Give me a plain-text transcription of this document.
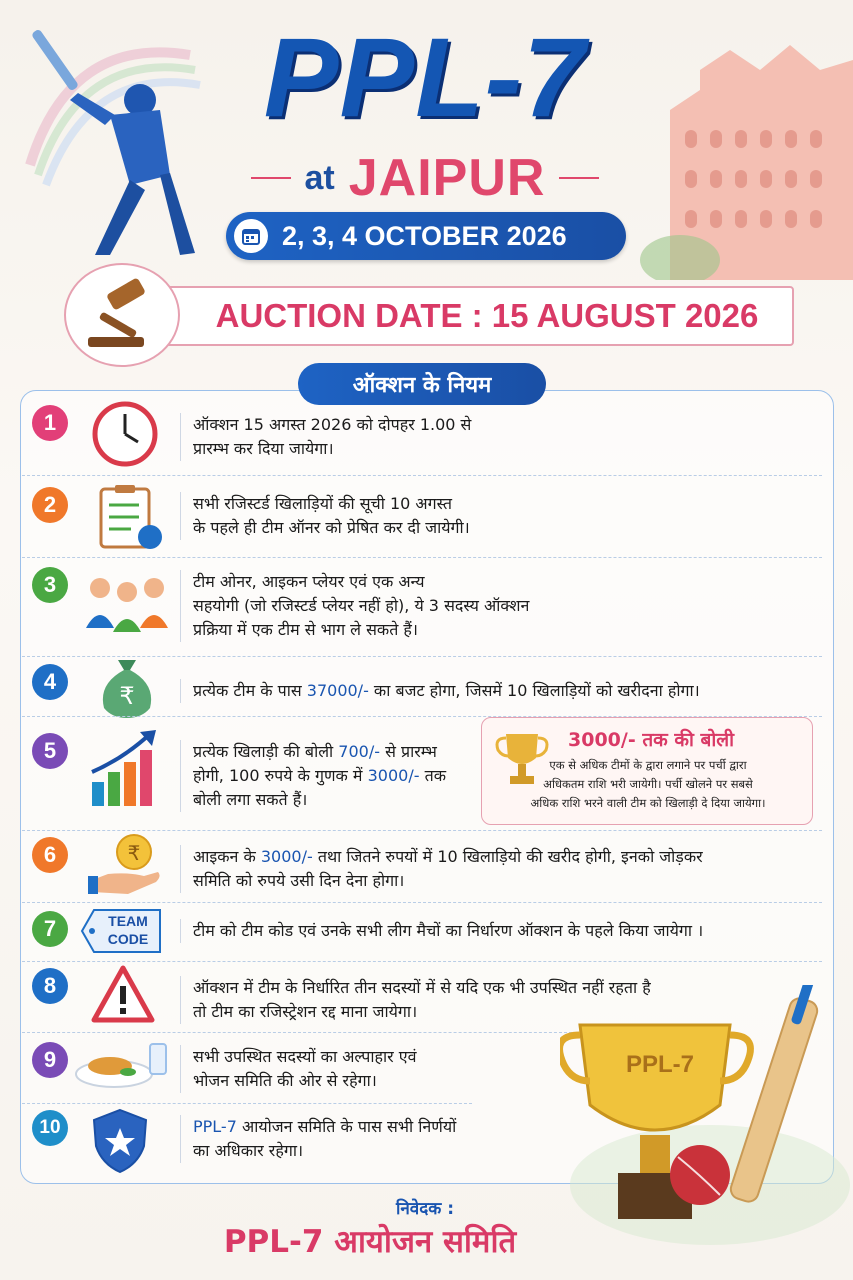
PPL-7
at JAIPUR
2, 3, 4 OCTOBER 2026
AUCTION DATE : 15 AUGUST 2026
ऑक्शन के नियम
1	ऑक्शन 15 अगस्त 2026 को दोपहर 1.00 से
प्रारम्भ कर दिया जायेगा।
2	सभी रजिस्टर्ड खिलाड़ियों की सूची 10 अगस्त
के पहले ही टीम ऑनर को प्रेषित कर दी जायेगी।
3	टीम ओनर, आइकन प्लेयर एवं एक अन्य
सहयोगी (जो रजिस्टर्ड प्लेयर नहीं हो), ये 3 सदस्य ऑक्शन
प्रक्रिया में एक टीम से भाग ले सकते हैं।
4
₹	प्रत्येक टीम के पास 37000/- का बजट होगा, जिसमें 10 खिलाड़ियों को खरीदना होगा।
5	प्रत्येक खिलाड़ी की बोली 700/- से प्रारम्भ
होगी, 100 रुपये के गुणक में 3000/- तक
बोली लगा सकते हैं।
3000/- तक की बोली
एक से अधिक टीमों के द्वारा लगाने पर पर्ची द्वारा
अधिकतम राशि भरी जायेगी। पर्ची खोलने पर सबसे
अधिक राशि भरने वाली टीम को खिलाड़ी दे दिया जायेगा।
6	₹	आइकन के 3000/- तथा जितने रुपयों में 10 खिलाड़ियो की खरीद होगी, इनको जोड़कर
समिति को रुपये उसी दिन देना होगा।
7	TEAM
CODE	टीम को टीम कोड एवं उनके सभी लीग मैचों का निर्धारण ऑक्शन के पहले किया जायेगा ।
8	ऑक्शन में टीम के निर्धारित तीन सदस्यों में से यदि एक भी उपस्थित नहीं रहता है
तो टीम का रजिस्ट्रेशन रद्द माना जायेगा।
9	सभी उपस्थित सदस्यों का अल्पाहार एवं
भोजन समिति की ओर से रहेगा।
10	PPL-7 आयोजन समिति के पास सभी निर्णयों
का अधिकार रहेगा।
PPL-7
निवेदक :
PPL-7 आयोजन समिति
